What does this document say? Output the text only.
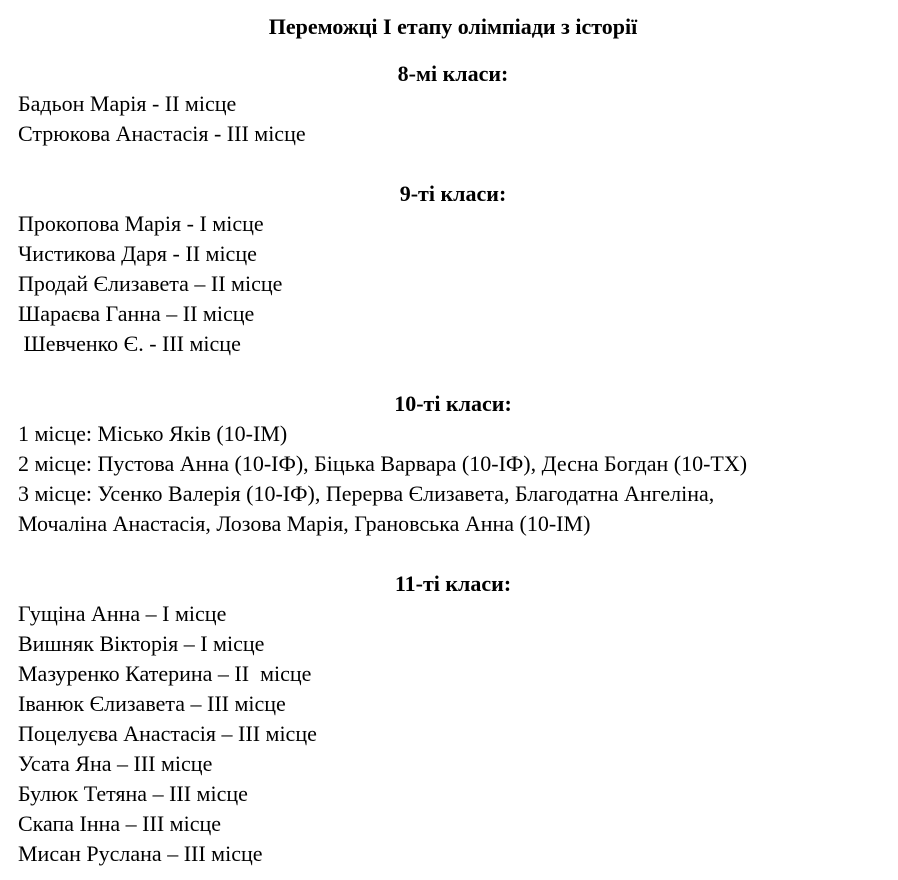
Переможці І етапу олімпіади з історії
8-мі класи:
Бадьон Марія - ІІ місце
Стрюкова Анастасія - ІІІ місце
9-ті класи:
Прокопова Марія - І місце
Чистикова Даря - ІІ місце
Продай Єлизавета – ІІ місце
Шараєва Ганна – ІІ місце
Шевченко Є. - ІІІ місце
10-ті класи:
1 місце: Місько Яків (10-ІМ)
2 місце: Пустова Анна (10-ІФ), Біцька Варвара (10-ІФ), Десна Богдан (10-ТХ)
3 місце: Усенко Валерія (10-ІФ), Перерва Єлизавета, Благодатна Ангеліна,
Мочаліна Анастасія, Лозова Марія, Грановська Анна (10-ІМ)
11-ті класи:
Гущіна Анна – І місце
Вишняк Вікторія – І місце
Мазуренко Катерина – ІІ  місце
Іванюк Єлизавета – ІІІ місце
Поцелуєва Анастасія – ІІІ місце
Усата Яна – ІІІ місце
Булюк Тетяна – ІІІ місце
Скапа Інна – ІІІ місце
Мисан Руслана – ІІІ місце
